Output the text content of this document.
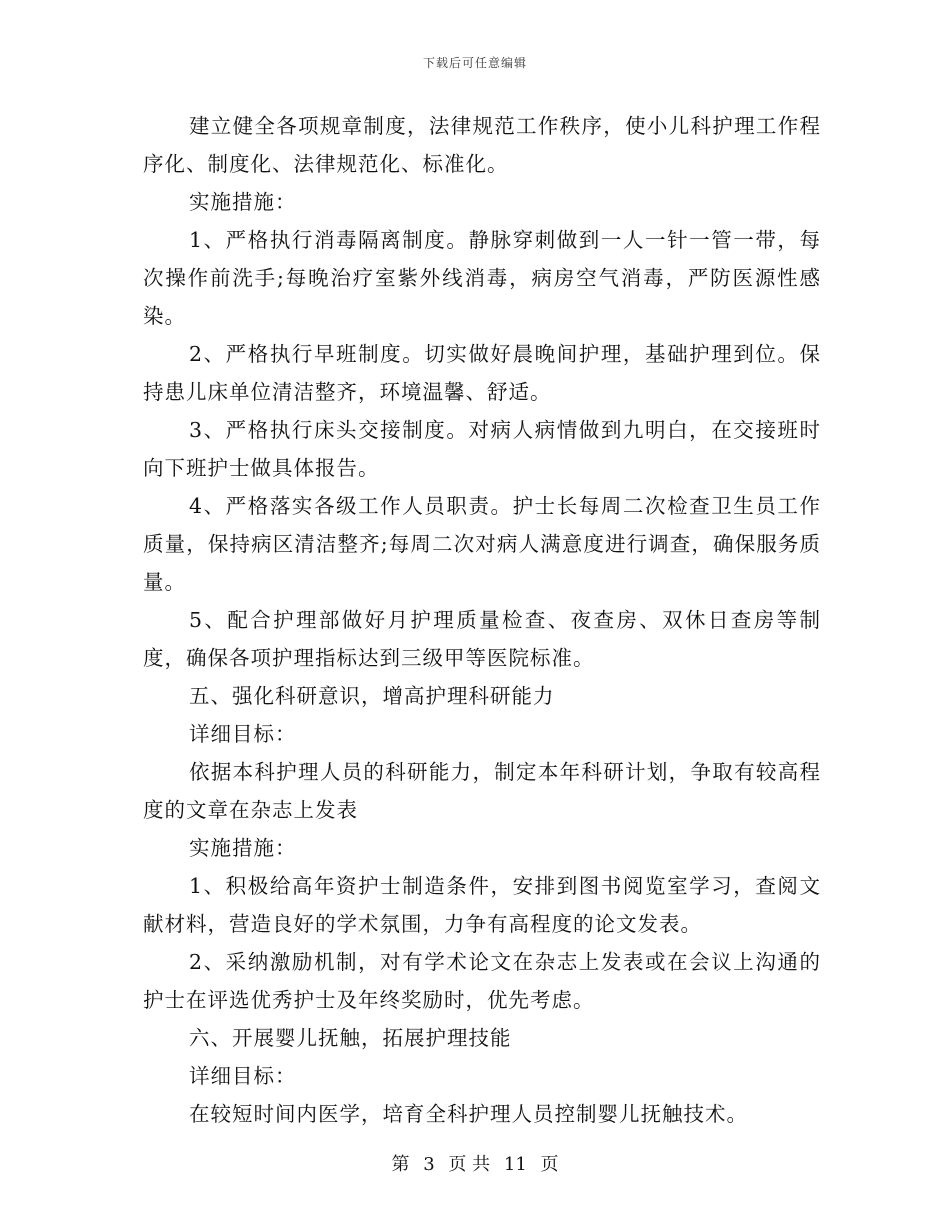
下载后可任意编辑

建立健全各项规章制度，法律规范工作秩序，使小儿科护理工作程序化、制度化、法律规范化、标准化。

实施措施：

1、严格执行消毒隔离制度。静脉穿刺做到一人一针一管一带，每次操作前洗手;每晚治疗室紫外线消毒，病房空气消毒，严防医源性感染。

2、严格执行早班制度。切实做好晨晚间护理，基础护理到位。保持患儿床单位清洁整齐，环境温馨、舒适。

3、严格执行床头交接制度。对病人病情做到九明白，在交接班时向下班护士做具体报告。

4、严格落实各级工作人员职责。护士长每周二次检查卫生员工作质量，保持病区清洁整齐;每周二次对病人满意度进行调查，确保服务质量。

5、配合护理部做好月护理质量检查、夜查房、双休日查房等制度，确保各项护理指标达到三级甲等医院标准。

五、强化科研意识，增高护理科研能力

详细目标：

依据本科护理人员的科研能力，制定本年科研计划，争取有较高程度的文章在杂志上发表

实施措施：

1、积极给高年资护士制造条件，安排到图书阅览室学习，查阅文献材料，营造良好的学术氛围，力争有高程度的论文发表。

2、采纳激励机制，对有学术论文在杂志上发表或在会议上沟通的护士在评选优秀护士及年终奖励时，优先考虑。

六、开展婴儿抚触，拓展护理技能

详细目标：

在较短时间内医学，培育全科护理人员控制婴儿抚触技术。

第 3 页 共 11 页
